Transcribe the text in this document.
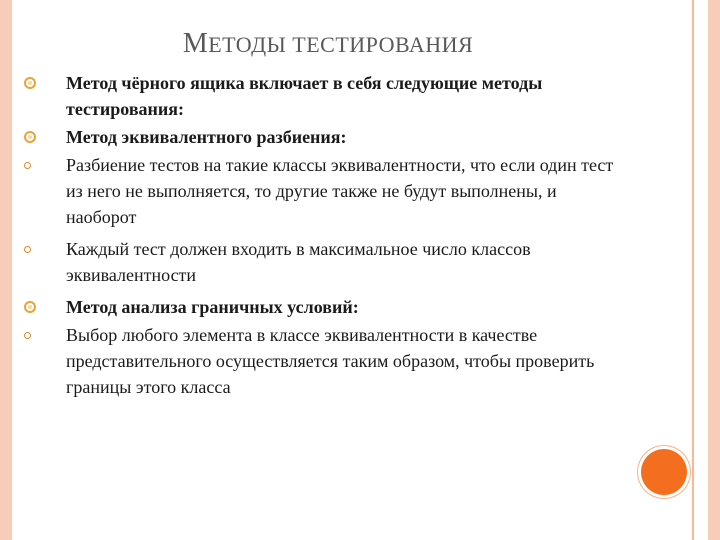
МЕТОДЫ ТЕСТИРОВАНИЯ
Метод чёрного ящика включает в себя следующие методы тестирования:
Метод эквивалентного разбиения:
Разбиение тестов на такие классы эквивалентности, что если один тест из него не выполняется, то другие также не будут выполнены, и наоборот
Каждый тест должен входить в максимальное число классов эквивалентности
Метод анализа граничных условий:
Выбор любого элемента в классе эквивалентности в качестве представительного осуществляется таким образом, чтобы проверить границы этого класса
